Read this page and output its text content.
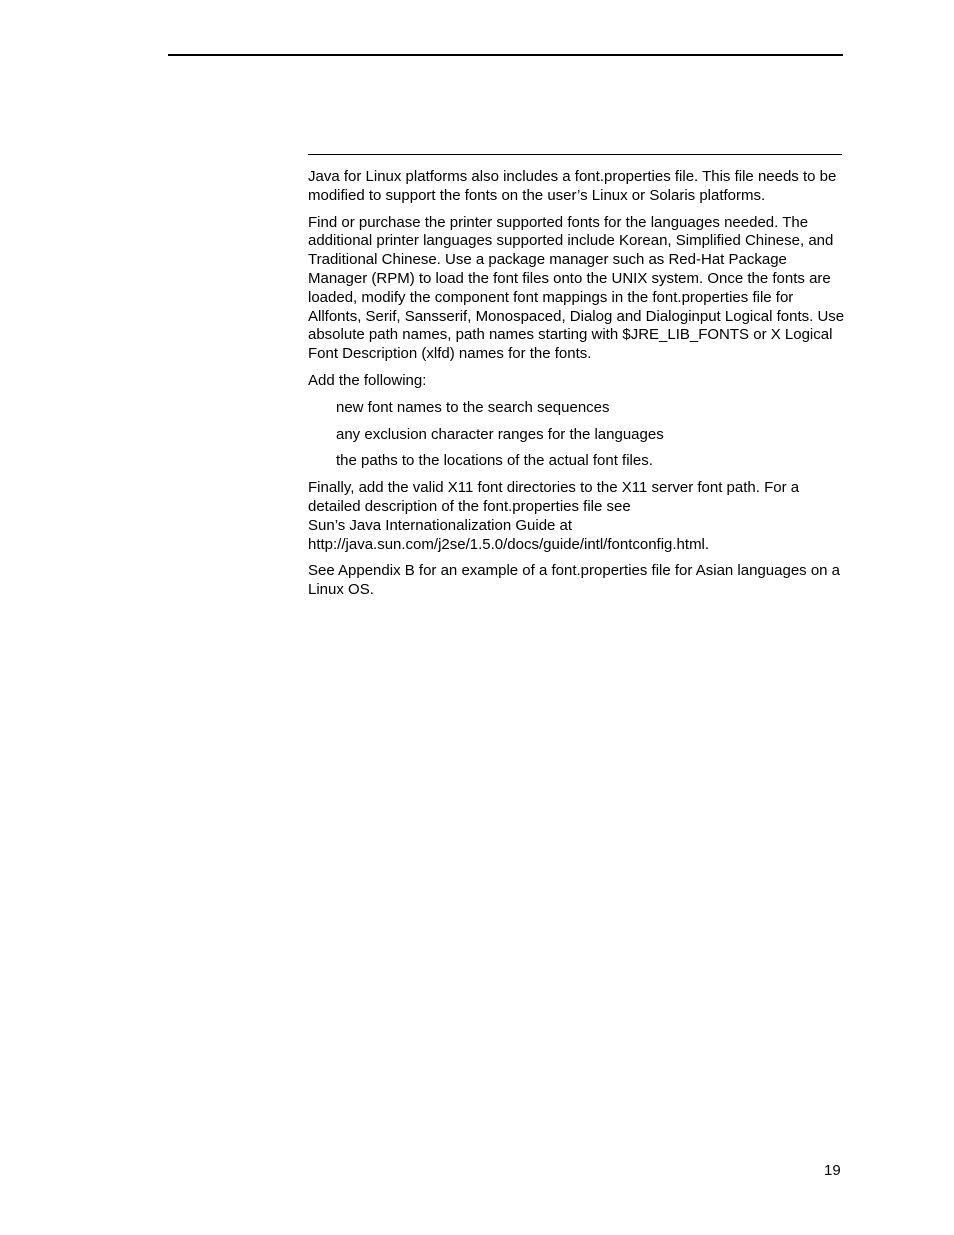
Java for Linux platforms also includes a font.properties file. This file needs to be modified to support the fonts on the user’s Linux or Solaris platforms.

Find or purchase the printer supported fonts for the languages needed. The additional printer languages supported include Korean, Simplified Chinese, and Traditional Chinese. Use a package manager such as Red-Hat Package Manager (RPM) to load the font files onto the UNIX system. Once the fonts are loaded, modify the component font mappings in the font.properties file for Allfonts, Serif, Sansserif, Monospaced, Dialog and Dialoginput Logical fonts. Use absolute path names, path names starting with $JRE_LIB_FONTS or X Logical Font Description (xlfd) names for the fonts.

Add the following:

new font names to the search sequences

any exclusion character ranges for the languages

the paths to the locations of the actual font files.

Finally, add the valid X11 font directories to the X11 server font path. For a detailed description of the font.properties file see
Sun’s Java Internationalization Guide at
http://java.sun.com/j2se/1.5.0/docs/guide/intl/fontconfig.html.

See Appendix B for an example of a font.properties file for Asian languages on a Linux OS.

19
